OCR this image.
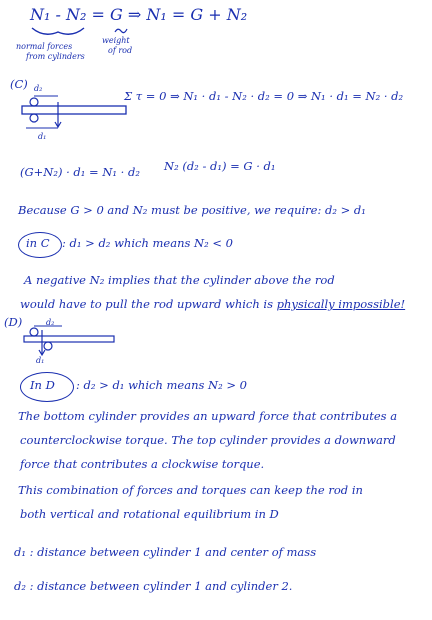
N₁ - N₂ = G ⇒ N₁ = G + N₂
normal forces
from cylinders
weight
of rod
(C) d₂
d₁
Σ τ = 0 ⇒ N₁ · d₁ - N₂ · d₂ = 0 ⇒ N₁ · d₁ = N₂ · d₂
(G+N₂) · d₁ = N₁ · d₂ N₂ (d₂ - d₁) = G · d₁
Because G > 0 and N₂ must be positive, we require: d₂ > d₁
in C : d₁ > d₂ which means N₂ < 0
A negative N₂ implies that the cylinder above the rod
would have to pull the rod upward which is physically impossible!
(D)	d₂
d₁
In D : d₂ > d₁ which means N₂ > 0
The bottom cylinder provides an upward force that contributes a
counterclockwise torque. The top cylinder provides a downward
force that contributes a clockwise torque.
This combination of forces and torques can keep the rod in
both vertical and rotational equilibrium in D
d₁ : distance between cylinder 1 and center of mass
d₂ : distance between cylinder 1 and cylinder 2.
